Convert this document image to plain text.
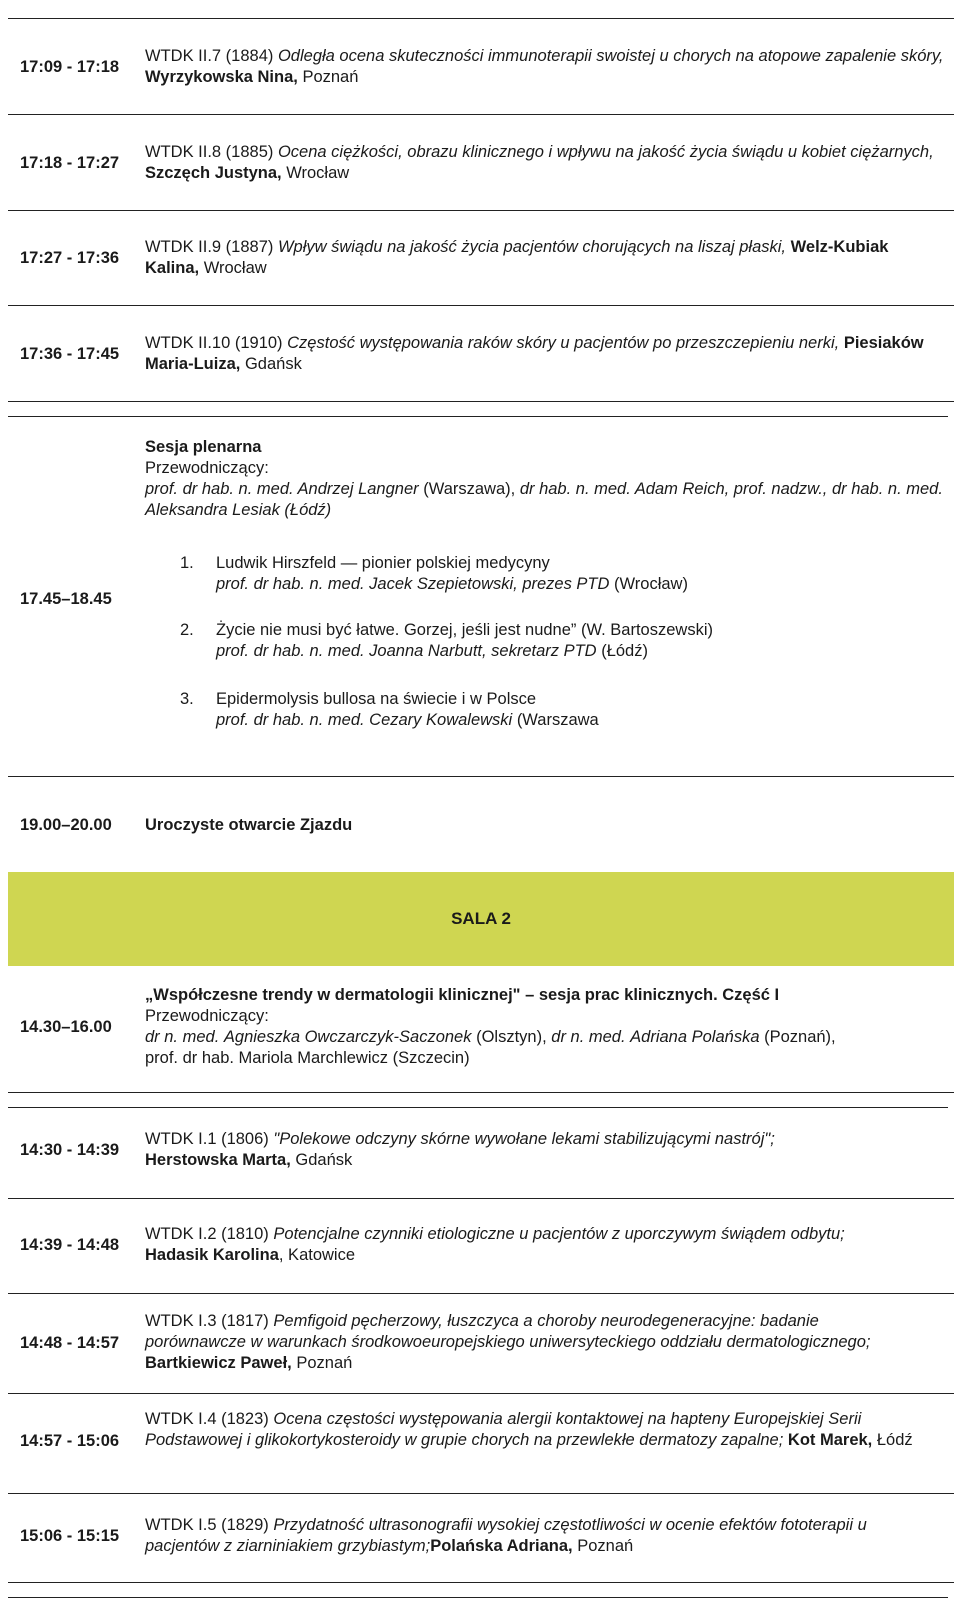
17:09 - 17:18
WTDK II.7 (1884) Odległa ocena skuteczności immunoterapii swoistej u chorych na atopowe zapalenie skóry, Wyrzykowska Nina, Poznań
17:18 - 17:27
WTDK II.8 (1885) Ocena ciężkości, obrazu klinicznego i wpływu na jakość życia świądu u kobiet ciężarnych, Szczęch Justyna, Wrocław
17:27 - 17:36
WTDK II.9 (1887) Wpływ świądu na jakość życia pacjentów chorujących na liszaj płaski, Welz-Kubiak Kalina, Wrocław
17:36 - 17:45
WTDK II.10 (1910) Częstość występowania raków skóry u pacjentów po przeszczepieniu nerki, Piesiaków Maria-Luiza, Gdańsk
17.45–18.45
Sesja plenarna
Przewodniczący:
prof. dr hab. n. med. Andrzej Langner (Warszawa), dr hab. n. med. Adam Reich, prof. nadzw., dr hab. n. med. Aleksandra Lesiak (Łódź)
1.	Ludwik Hirszfeld — pionier polskiej medycyny
prof. dr hab. n. med. Jacek Szepietowski, prezes PTD (Wrocław)
2.	Życie nie musi być łatwe. Gorzej, jeśli jest nudne” (W. Bartoszewski)
prof. dr hab. n. med. Joanna Narbutt, sekretarz PTD (Łódź)
3.	Epidermolysis bullosa na świecie i w Polsce
prof. dr hab. n. med. Cezary Kowalewski (Warszawa
19.00–20.00	Uroczyste otwarcie Zjazdu
SALA 2
14.30–16.00
„Współczesne trendy w dermatologii klinicznej" – sesja prac klinicznych. Część I
Przewodniczący:
dr n. med. Agnieszka Owczarczyk-Saczonek (Olsztyn), dr n. med. Adriana Polańska (Poznań),
prof. dr hab. Mariola Marchlewicz (Szczecin)
14:30 - 14:39
WTDK I.1 (1806) "Polekowe odczyny skórne wywołane lekami stabilizującymi nastrój"; Herstowska Marta, Gdańsk
14:39 - 14:48
WTDK I.2 (1810) Potencjalne czynniki etiologiczne u pacjentów z uporczywym świądem odbytu; Hadasik Karolina, Katowice
14:48 - 14:57
WTDK I.3 (1817) Pemfigoid pęcherzowy, łuszczyca a choroby neurodegeneracyjne: badanie porównawcze w warunkach środkowoeuropejskiego uniwersyteckiego oddziału dermatologicznego; Bartkiewicz Paweł, Poznań
14:57 - 15:06
WTDK I.4 (1823) Ocena częstości występowania alergii kontaktowej na hapteny Europejskiej Serii Podstawowej i glikokortykosteroidy w grupie chorych na przewlekłe dermatozy zapalne; Kot Marek, Łódź
15:06 - 15:15
WTDK I.5 (1829) Przydatność ultrasonografii wysokiej częstotliwości w ocenie efektów fototerapii u pacjentów z ziarniniakiem grzybiastym;Polańska Adriana, Poznań
